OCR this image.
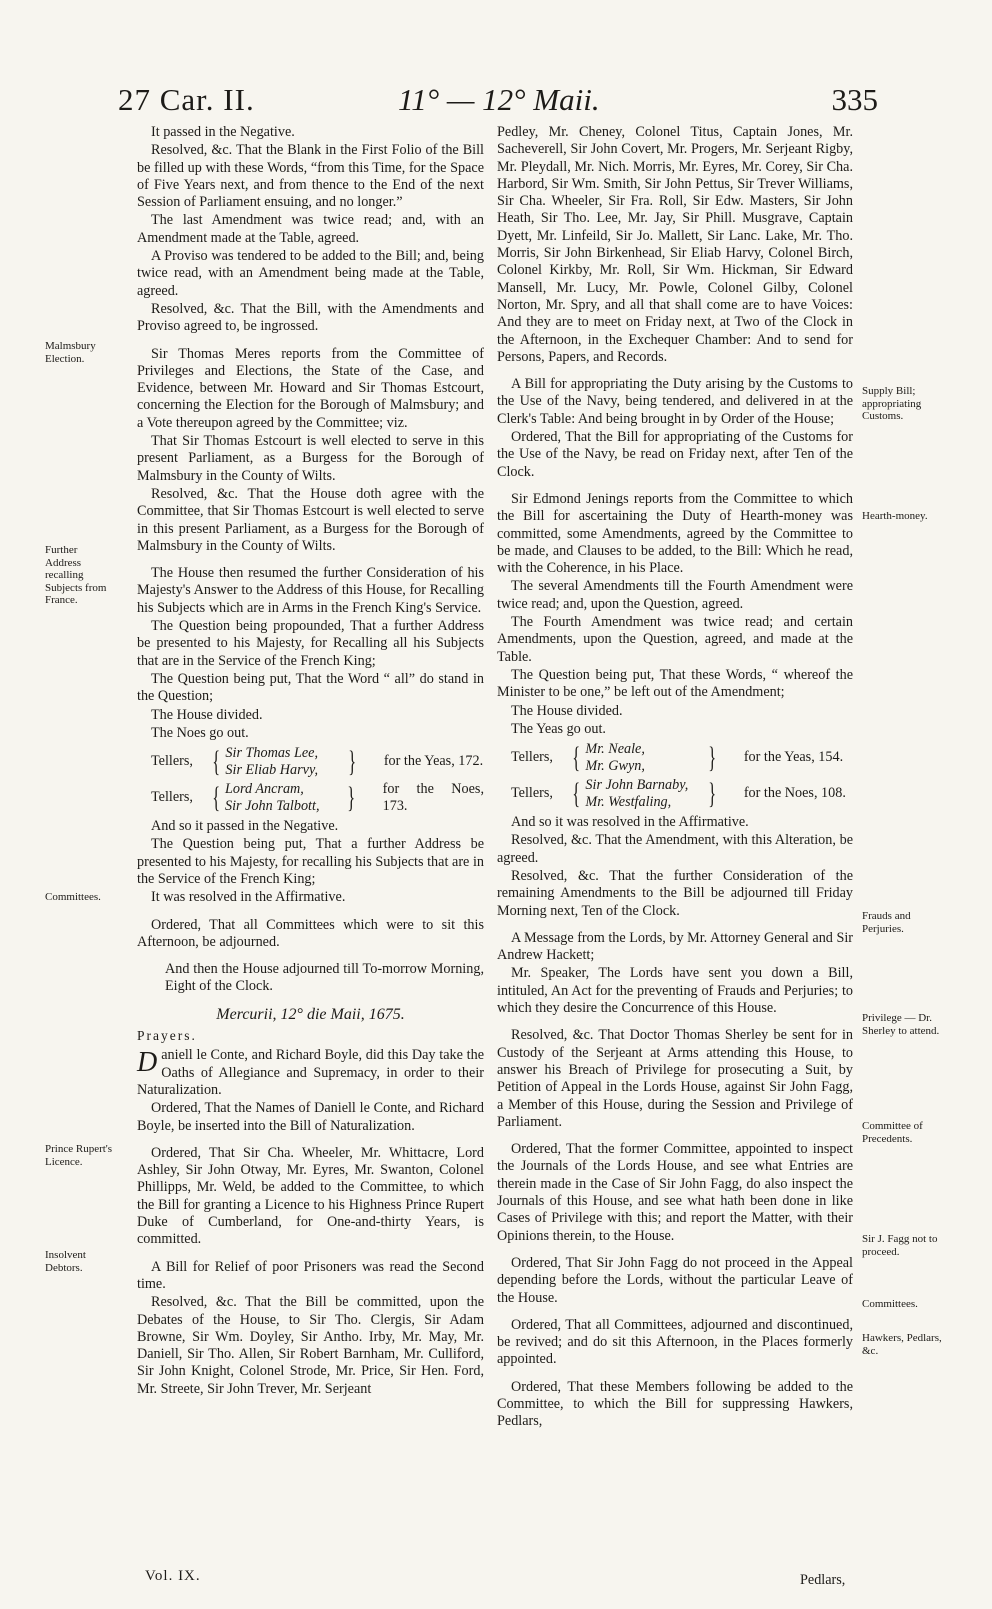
27 Car. II.	11° — 12° Maii.	335
Malmsbury Election.
Further Address recalling Subjects from France.
Committees.
Prince Rupert's Licence.
Insolvent Debtors.
Supply Bill; appropriating Customs.
Hearth-money.
Frauds and Perjuries.
Privilege — Dr. Sherley to attend.
Committee of Precedents.
Sir J. Fagg not to proceed.
Committees.
Hawkers, Pedlars, &c.

It passed in the Negative.

Resolved, &c. That the Blank in the First Folio of the Bill be filled up with these Words, “from this Time, for the Space of Five Years next, and from thence to the End of the next Session of Parliament ensuing, and no longer.”

The last Amendment was twice read; and, with an Amendment made at the Table, agreed.

A Proviso was tendered to be added to the Bill; and, being twice read, with an Amendment being made at the Table, agreed.

Resolved, &c. That the Bill, with the Amendments and Proviso agreed to, be ingrossed.

Sir Thomas Meres reports from the Committee of Privileges and Elections, the State of the Case, and Evidence, between Mr. Howard and Sir Thomas Estcourt, concerning the Election for the Borough of Malmsbury; and a Vote thereupon agreed by the Committee; viz.

That Sir Thomas Estcourt is well elected to serve in this present Parliament, as a Burgess for the Borough of Malmsbury in the County of Wilts.

Resolved, &c. That the House doth agree with the Committee, that Sir Thomas Estcourt is well elected to serve in this present Parliament, as a Burgess for the Borough of Malmsbury in the County of Wilts.

The House then resumed the further Consideration of his Majesty's Answer to the Address of this House, for Recalling his Subjects which are in Arms in the French King's Service.

The Question being propounded, That a further Address be presented to his Majesty, for Recalling all his Subjects that are in the Service of the French King;

The Question being put, That the Word “ all” do stand in the Question;

The House divided.

The Noes go out.

Tellers, { Sir Thomas Lee,
Sir Eliab Harvy,	} for the Yeas, 172.
Tellers, { Lord Ancram,
Sir John Talbott, } for the Noes, 173.

And so it passed in the Negative.

The Question being put, That a further Address be presented to his Majesty, for recalling his Subjects that are in the Service of the French King;

It was resolved in the Affirmative.

Ordered, That all Committees which were to sit this Afternoon, be adjourned.

And then the House adjourned till To-morrow Morning, Eight of the Clock.

Mercurii, 12° die Maii, 1675.

Prayers.

Daniell le Conte, and Richard Boyle, did this Day take the Oaths of Allegiance and Supremacy, in order to their Naturalization.

Ordered, That the Names of Daniell le Conte, and Richard Boyle, be inserted into the Bill of Naturalization.

Ordered, That Sir Cha. Wheeler, Mr. Whittacre, Lord Ashley, Sir John Otway, Mr. Eyres, Mr. Swanton, Colonel Phillipps, Mr. Weld, be added to the Committee, to which the Bill for granting a Licence to his Highness Prince Rupert Duke of Cumberland, for One-and-thirty Years, is committed.

A Bill for Relief of poor Prisoners was read the Second time.

Resolved, &c. That the Bill be committed, upon the Debates of the House, to Sir Tho. Clergis, Sir Adam Browne, Sir Wm. Doyley, Sir Antho. Irby, Mr. May, Mr. Daniell, Sir Tho. Allen, Sir Robert Barnham, Mr. Culliford, Sir John Knight, Colonel Strode, Mr. Price, Sir Hen. Ford, Mr. Streete, Sir John Trever, Mr. Serjeant

Pedley, Mr. Cheney, Colonel Titus, Captain Jones, Mr. Sacheverell, Sir John Covert, Mr. Progers, Mr. Serjeant Rigby, Mr. Pleydall, Mr. Nich. Morris, Mr. Eyres, Mr. Corey, Sir Cha. Harbord, Sir Wm. Smith, Sir John Pettus, Sir Trever Williams, Sir Cha. Wheeler, Sir Fra. Roll, Sir Edw. Masters, Sir John Heath, Sir Tho. Lee, Mr. Jay, Sir Phill. Musgrave, Captain Dyett, Mr. Linfeild, Sir Jo. Mallett, Sir Lanc. Lake, Mr. Tho. Morris, Sir John Birkenhead, Sir Eliab Harvy, Colonel Birch, Colonel Kirkby, Mr. Roll, Sir Wm. Hickman, Sir Edward Mansell, Mr. Lucy, Mr. Powle, Colonel Gilby, Colonel Norton, Mr. Spry, and all that shall come are to have Voices: And they are to meet on Friday next, at Two of the Clock in the Afternoon, in the Exchequer Chamber: And to send for Persons, Papers, and Records.

A Bill for appropriating the Duty arising by the Customs to the Use of the Navy, being tendered, and delivered in at the Clerk's Table: And being brought in by Order of the House;

Ordered, That the Bill for appropriating of the Customs for the Use of the Navy, be read on Friday next, after Ten of the Clock.

Sir Edmond Jenings reports from the Committee to which the Bill for ascertaining the Duty of Hearth-money was committed, some Amendments, agreed by the Committee to be made, and Clauses to be added, to the Bill: Which he read, with the Coherence, in his Place.

The several Amendments till the Fourth Amendment were twice read; and, upon the Question, agreed.

The Fourth Amendment was twice read; and certain Amendments, upon the Question, agreed, and made at the Table.

The Question being put, That these Words, “ whereof the Minister to be one,” be left out of the Amendment;

The House divided.

The Yeas go out.

Tellers, { Mr. Neale,
Mr. Gwyn,	} for the Yeas, 154.
Tellers, { Sir John Barnaby,
Mr. Westfaling,	} for the Noes, 108.

And so it was resolved in the Affirmative.

Resolved, &c. That the Amendment, with this Alteration, be agreed.

Resolved, &c. That the further Consideration of the remaining Amendments to the Bill be adjourned till Friday Morning next, Ten of the Clock.

A Message from the Lords, by Mr. Attorney General and Sir Andrew Hackett;

Mr. Speaker, The Lords have sent you down a Bill, intituled, An Act for the preventing of Frauds and Perjuries; to which they desire the Concurrence of this House.

Resolved, &c. That Doctor Thomas Sherley be sent for in Custody of the Serjeant at Arms attending this House, to answer his Breach of Privilege for prosecuting a Suit, by Petition of Appeal in the Lords House, against Sir John Fagg, a Member of this House, during the Session and Privilege of Parliament.

Ordered, That the former Committee, appointed to inspect the Journals of the Lords House, and see what Entries are therein made in the Case of Sir John Fagg, do also inspect the Journals of this House, and see what hath been done in like Cases of Privilege with this; and report the Matter, with their Opinions therein, to the House.

Ordered, That Sir John Fagg do not proceed in the Appeal depending before the Lords, without the particular Leave of the House.

Ordered, That all Committees, adjourned and discontinued, be revived; and do sit this Afternoon, in the Places formerly appointed.

Ordered, That these Members following be added to the Committee, to which the Bill for suppressing Hawkers, Pedlars,

Vol. IX.	Pedlars,
